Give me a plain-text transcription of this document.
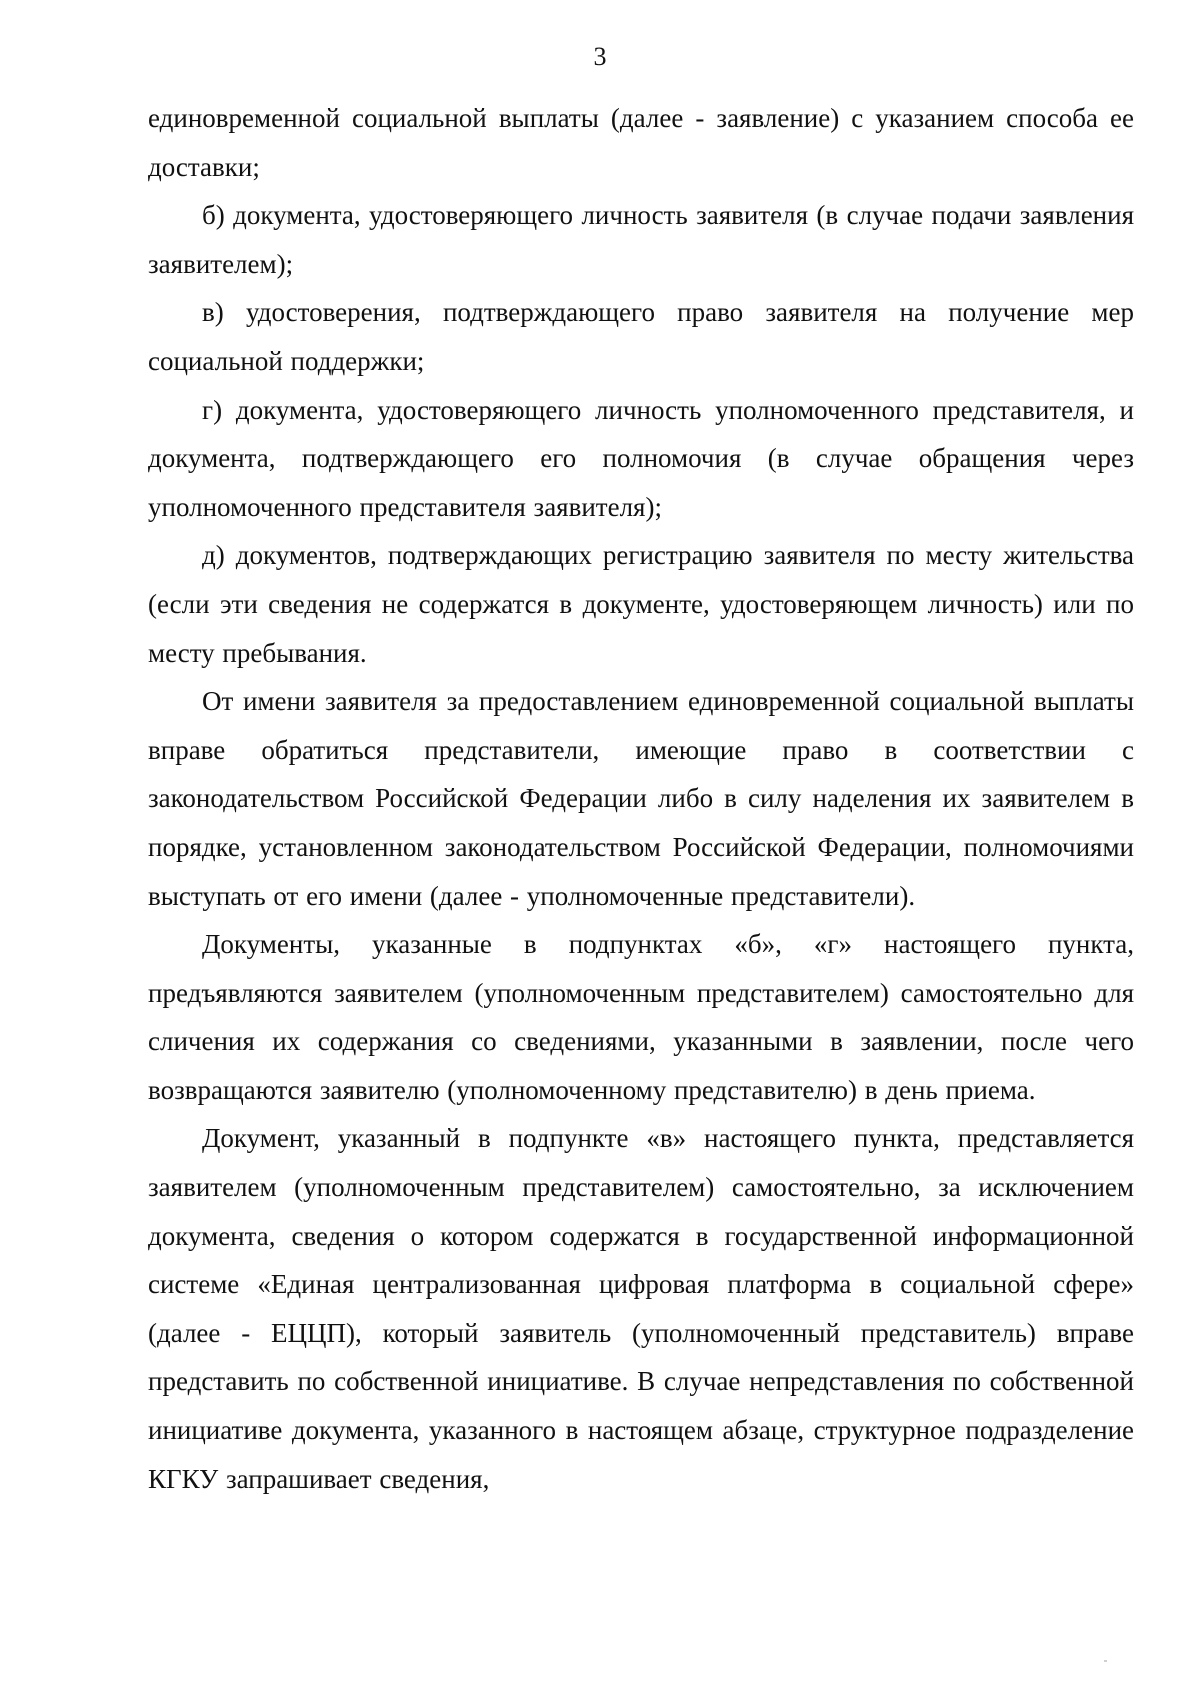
3

единовременной социальной выплаты (далее - заявление) с указанием способа ее доставки;

б) документа, удостоверяющего личность заявителя (в случае подачи заявления заявителем);

в) удостоверения, подтверждающего право заявителя на получение мер социальной поддержки;

г) документа, удостоверяющего личность уполномоченного представителя, и документа, подтверждающего его полномочия (в случае обращения через уполномоченного представителя заявителя);

д) документов, подтверждающих регистрацию заявителя по месту жительства (если эти сведения не содержатся в документе, удостоверяющем личность) или по месту пребывания.

От имени заявителя за предоставлением единовременной социальной выплаты вправе обратиться представители, имеющие право в соответствии с законодательством Российской Федерации либо в силу наделения их заявителем в порядке, установленном законодательством Российской Федерации, полномочиями выступать от его имени (далее - уполномоченные представители).

Документы, указанные в подпунктах «б», «г» настоящего пункта, предъявляются заявителем (уполномоченным представителем) самостоятельно для сличения их содержания со сведениями, указанными в заявлении, после чего возвращаются заявителю (уполномоченному представителю) в день приема.

Документ, указанный в подпункте «в» настоящего пункта, представляется заявителем (уполномоченным представителем) самостоятельно, за исключением документа, сведения о котором содержатся в государственной информационной системе «Единая централизованная цифровая платформа в социальной сфере» (далее - ЕЦЦП), который заявитель (уполномоченный представитель) вправе представить по собственной инициативе. В случае непредставления по собственной инициативе документа, указанного в настоящем абзаце, структурное подразделение КГКУ запрашивает сведения,
